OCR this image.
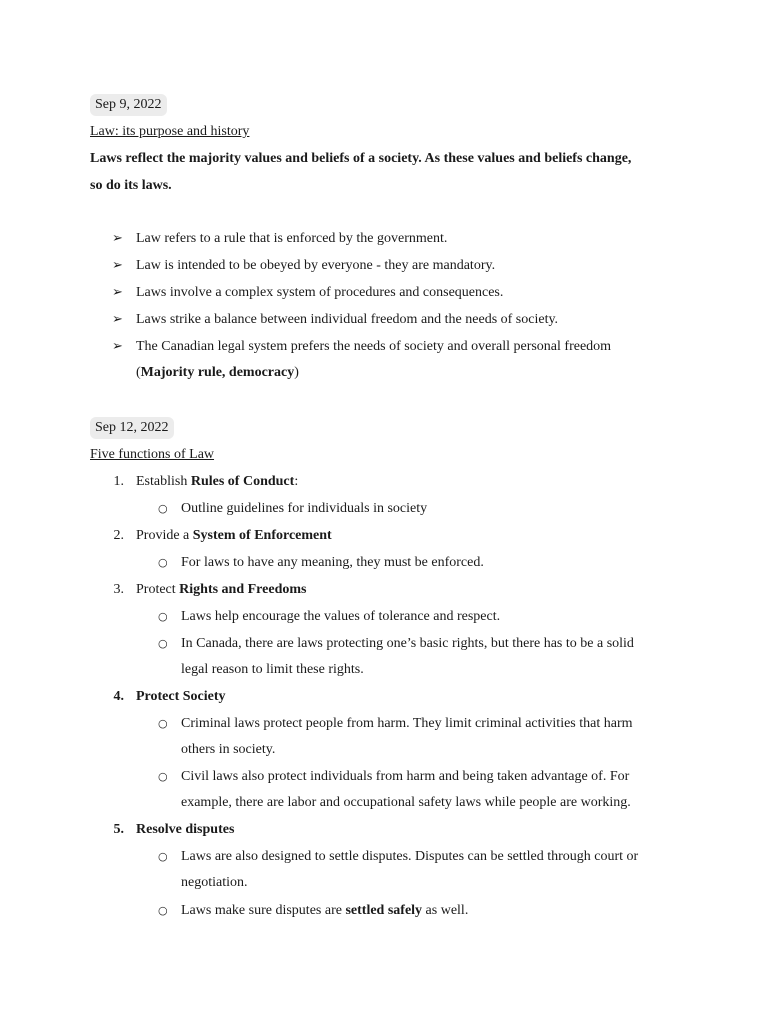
Sep 9, 2022
Law: its purpose and history
Laws reflect the majority values and beliefs of a society. As these values and beliefs change,
so do its laws.
➢ Law refers to a rule that is enforced by the government.
➢ Law is intended to be obeyed by everyone - they are mandatory.
➢ Laws involve a complex system of procedures and consequences.
➢ Laws strike a balance between individual freedom and the needs of society.
➢ The Canadian legal system prefers the needs of society and overall personal freedom
(Majority rule, democracy)
Sep 12, 2022
Five functions of Law
1. Establish Rules of Conduct:
○ Outline guidelines for individuals in society
2. Provide a System of Enforcement
○ For laws to have any meaning, they must be enforced.
3. Protect Rights and Freedoms
○ Laws help encourage the values of tolerance and respect.
○ In Canada, there are laws protecting one’s basic rights, but there has to be a solid
legal reason to limit these rights.
4. Protect Society
○ Criminal laws protect people from harm. They limit criminal activities that harm
others in society.
○ Civil laws also protect individuals from harm and being taken advantage of. For
example, there are labor and occupational safety laws while people are working.
5. Resolve disputes
○ Laws are also designed to settle disputes. Disputes can be settled through court or
negotiation.
○ Laws make sure disputes are settled safely as well.
